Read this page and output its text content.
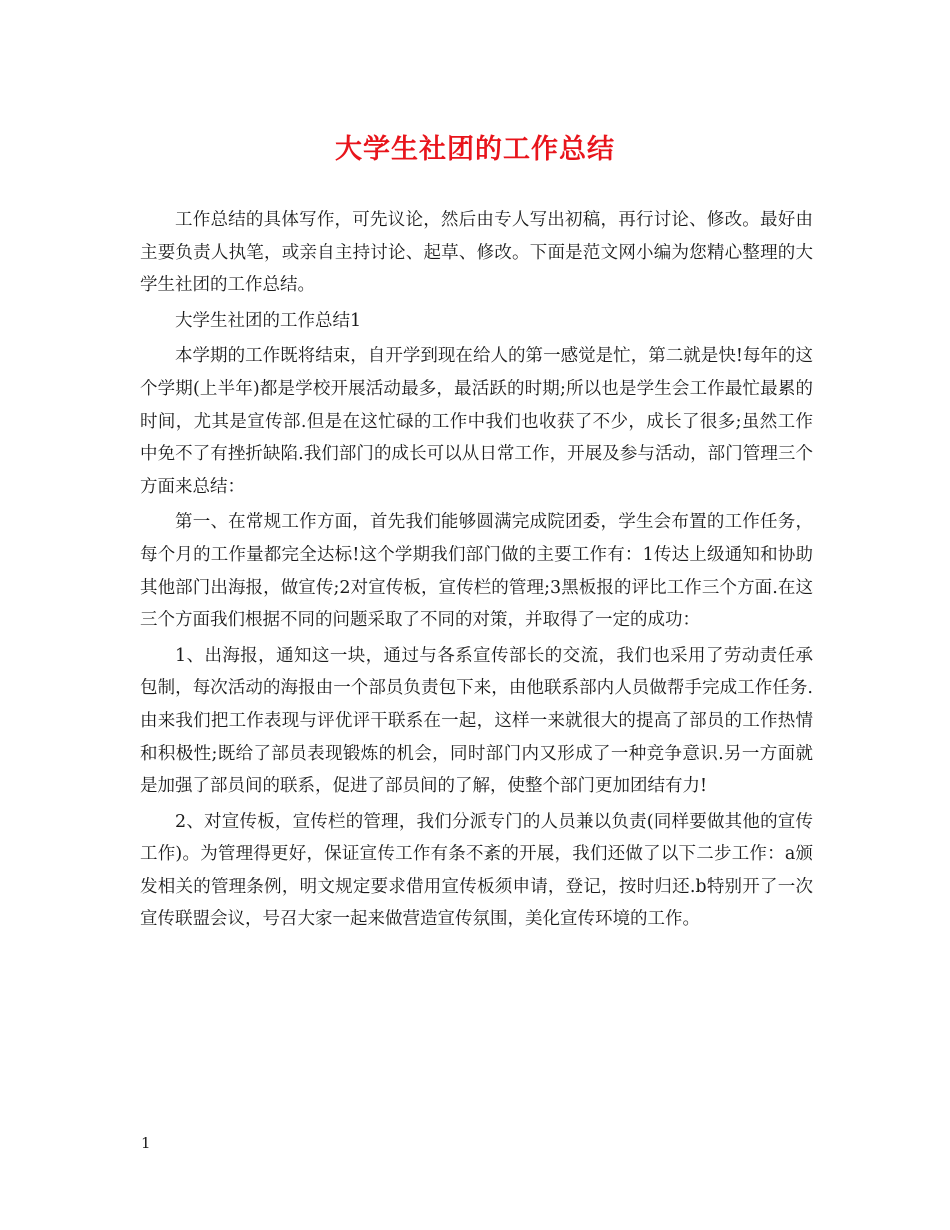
大学生社团的工作总结

工作总结的具体写作，可先议论，然后由专人写出初稿，再行讨论、修改。最好由主要负责人执笔，或亲自主持讨论、起草、修改。下面是范文网小编为您精心整理的大学生社团的工作总结。

大学生社团的工作总结1

本学期的工作既将结束，自开学到现在给人的第一感觉是忙，第二就是快!每年的这个学期(上半年)都是学校开展活动最多，最活跃的时期;所以也是学生会工作最忙最累的时间，尤其是宣传部.但是在这忙碌的工作中我们也收获了不少，成长了很多;虽然工作中免不了有挫折缺陷.我们部门的成长可以从日常工作，开展及参与活动，部门管理三个方面来总结：

第一、在常规工作方面，首先我们能够圆满完成院团委，学生会布置的工作任务，每个月的工作量都完全达标!这个学期我们部门做的主要工作有：1传达上级通知和协助其他部门出海报，做宣传;2对宣传板，宣传栏的管理;3黑板报的评比工作三个方面.在这三个方面我们根据不同的问题采取了不同的对策，并取得了一定的成功：

1、出海报，通知这一块，通过与各系宣传部长的交流，我们也采用了劳动责任承包制，每次活动的海报由一个部员负责包下来，由他联系部内人员做帮手完成工作任务.由来我们把工作表现与评优评干联系在一起，这样一来就很大的提高了部员的工作热情和积极性;既给了部员表现锻炼的机会，同时部门内又形成了一种竞争意识.另一方面就是加强了部员间的联系，促进了部员间的了解，使整个部门更加团结有力!

2、对宣传板，宣传栏的管理，我们分派专门的人员兼以负责(同样要做其他的宣传工作)。为管理得更好，保证宣传工作有条不紊的开展，我们还做了以下二步工作：a颁发相关的管理条例，明文规定要求借用宣传板须申请，登记，按时归还.b特别开了一次宣传联盟会议，号召大家一起来做营造宣传氛围，美化宣传环境的工作。

1
